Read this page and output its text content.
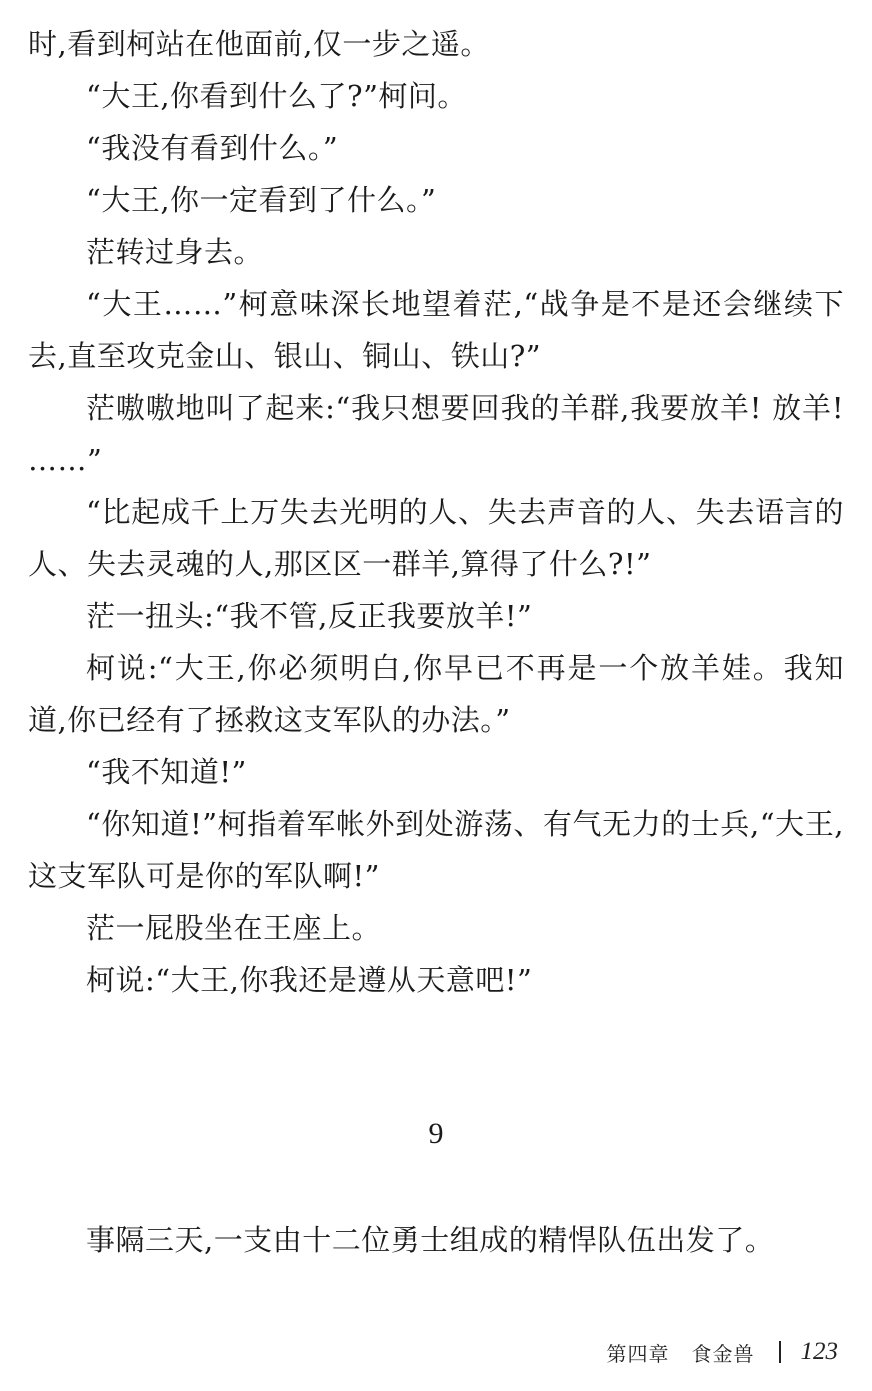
时,看到柯站在他面前,仅一步之遥。

“大王,你看到什么了?”柯问。

“我没有看到什么。”

“大王,你一定看到了什么。”

茫转过身去。

“大王……”柯意味深长地望着茫,“战争是不是还会继续下去,直至攻克金山、银山、铜山、铁山?”

茫嗷嗷地叫了起来:“我只想要回我的羊群,我要放羊! 放羊! ……”

“比起成千上万失去光明的人、失去声音的人、失去语言的人、失去灵魂的人,那区区一群羊,算得了什么?!”

茫一扭头:“我不管,反正我要放羊!”

柯说:“大王,你必须明白,你早已不再是一个放羊娃。我知道,你已经有了拯救这支军队的办法。”

“我不知道!”

“你知道!”柯指着军帐外到处游荡、有气无力的士兵,“大王,这支军队可是你的军队啊!”

茫一屁股坐在王座上。

柯说:“大王,你我还是遵从天意吧!”

9

事隔三天,一支由十二位勇士组成的精悍队伍出发了。

第四章 食金兽 123
